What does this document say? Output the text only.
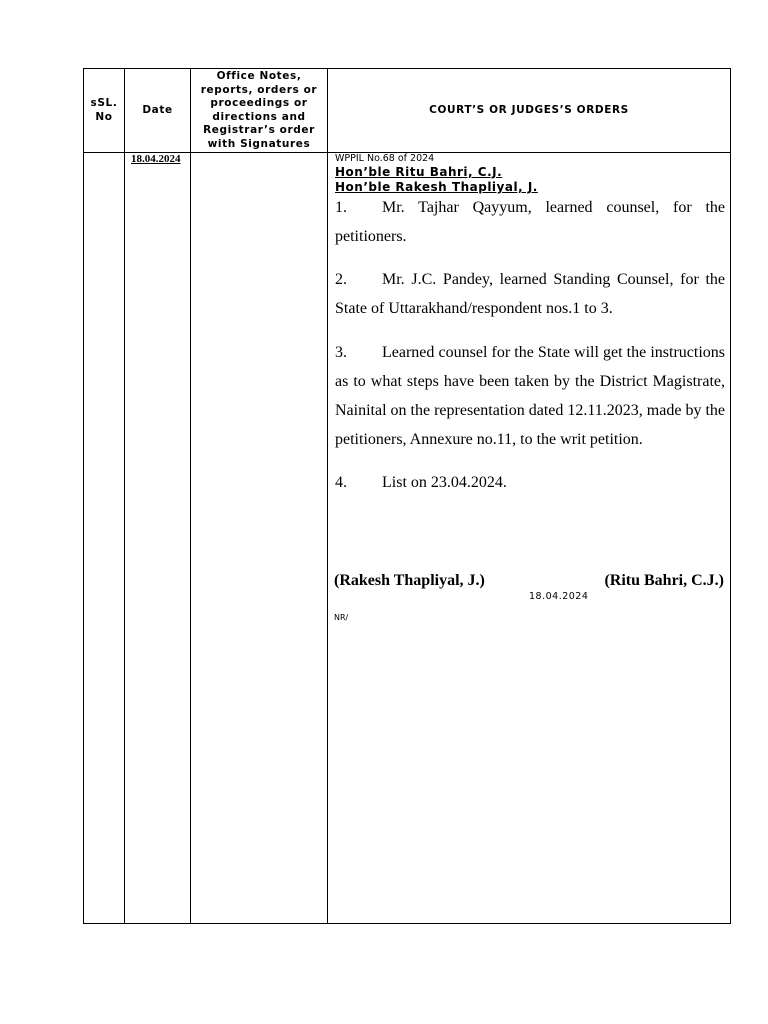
sSL. No
Date
Office Notes, reports, orders or proceedings or directions and Registrar’s order with Signatures
COURT’S OR JUDGES’S ORDERS
18.04.2024	WPPIL No.68 of 2024
Hon’ble Ritu Bahri, C.J.
Hon’ble Rakesh Thapliyal, J.

1. Mr. Tajhar Qayyum, learned counsel, for the petitioners.

2. Mr. J.C. Pandey, learned Standing Counsel, for the State of Uttarakhand/respondent nos.1 to 3.

3. Learned counsel for the State will get the instructions as to what steps have been taken by the District Magistrate, Nainital on the representation dated 12.11.2023, made by the petitioners, Annexure no.11, to the writ petition.

4. List on 23.04.2024.

(Rakesh Thapliyal, J.)	(Ritu Bahri, C.J.)
18.04.2024
NR/
